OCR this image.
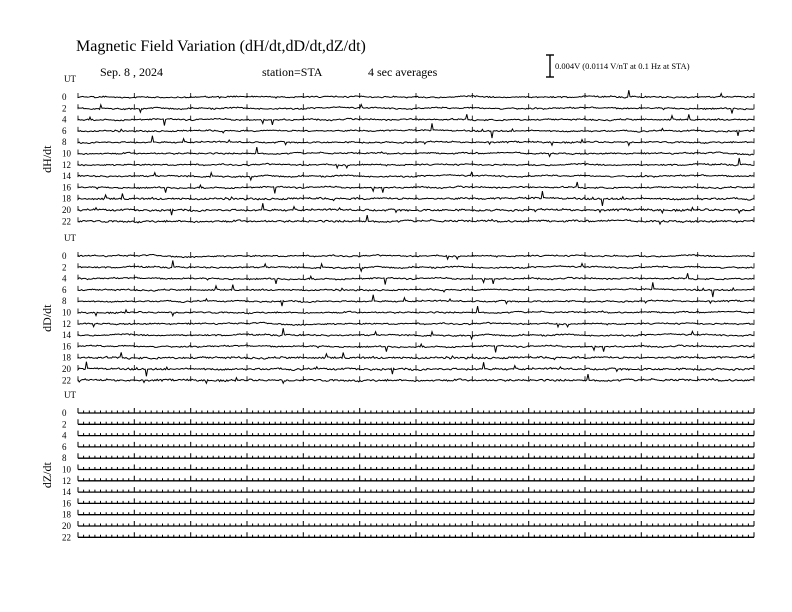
Magnetic Field Variation (dH/dt,dD/dt,dZ/dt)
Sep. 8 , 2024	station=STA	4 sec averages	0.004V (0.0114 V/nT at 0.1 Hz at STA)
UT
dH/dt
0
2
4
6
8
10
12
14
16
18
20
22
UT
dD/dt
0
2
4
6
8
10
12
14
16
18
20
22
UT
dZ/dt
0
2
4
6
8
10
12
14
16
18
20
22
